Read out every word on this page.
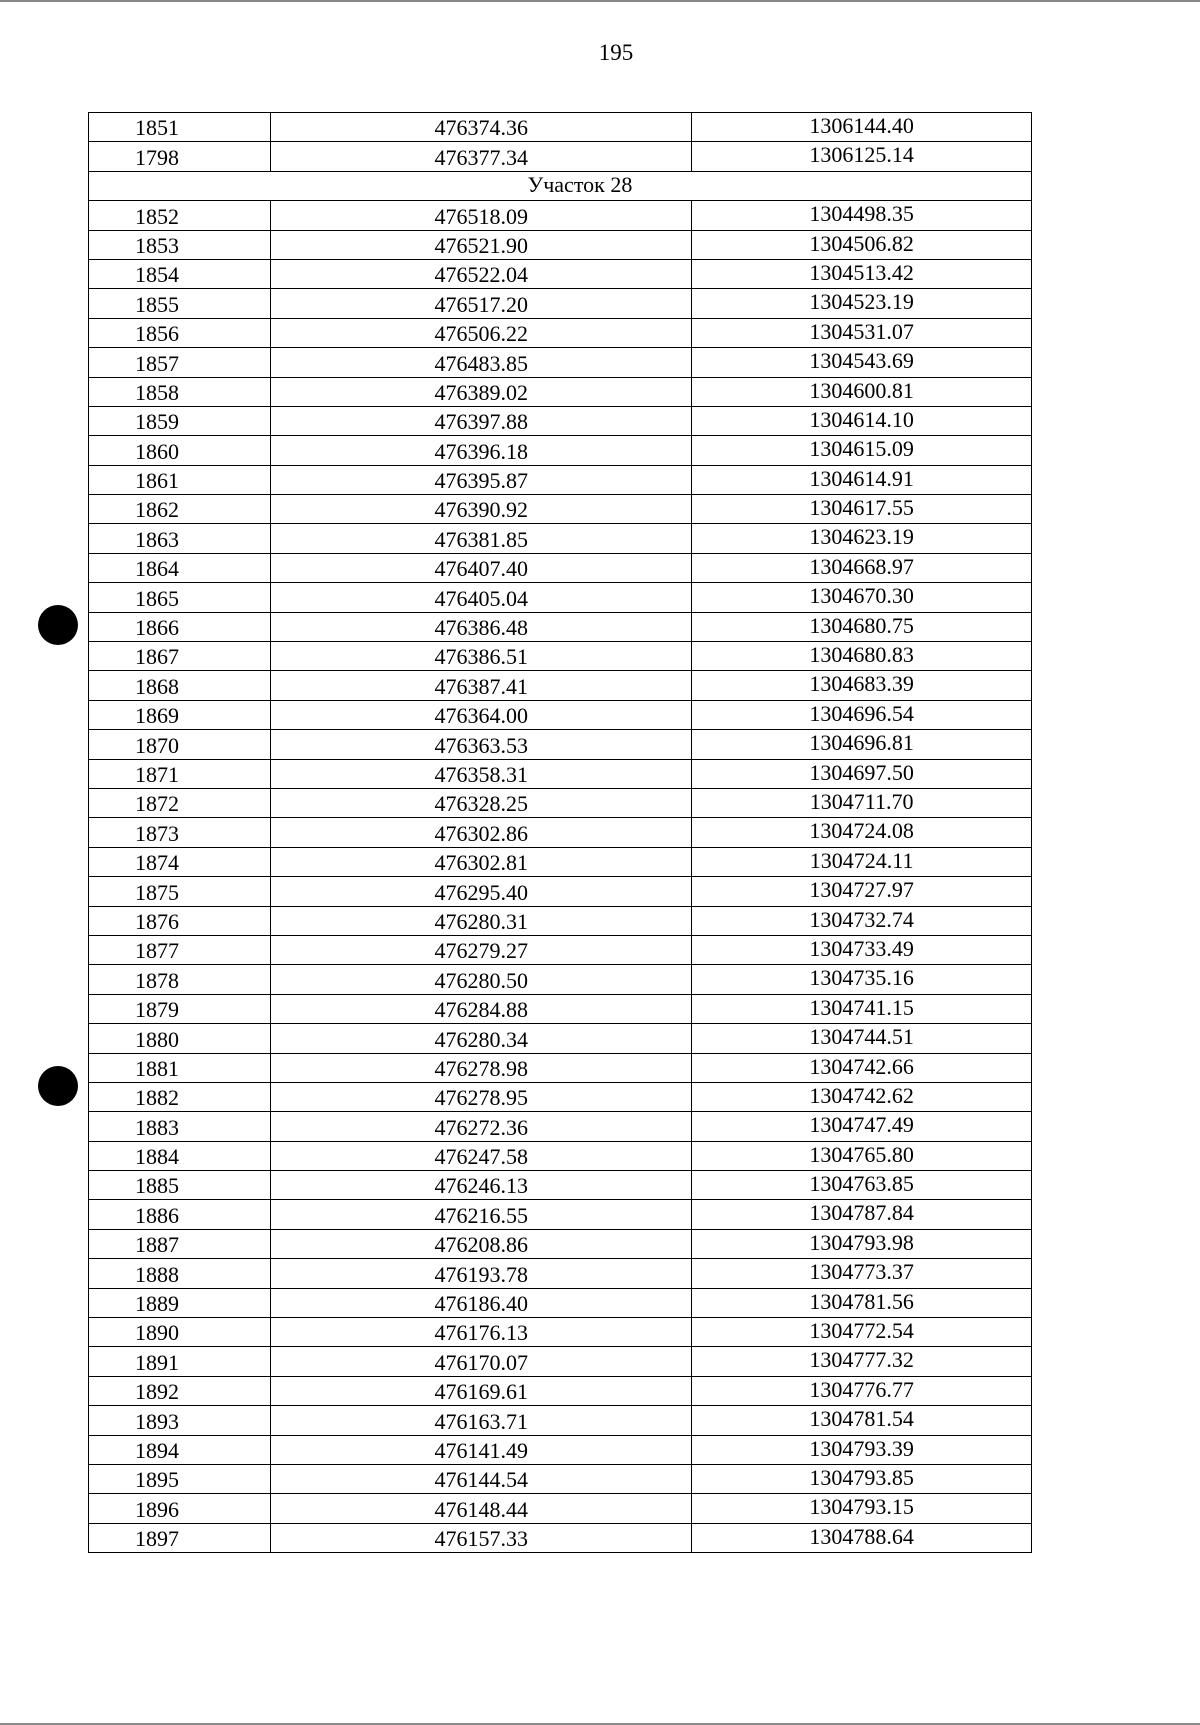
195
1851	476374.36	1306144.40
1798	476377.34	1306125.14
Участок 28		
1852	476518.09	1304498.35
1853	476521.90	1304506.82
1854	476522.04	1304513.42
1855	476517.20	1304523.19
1856	476506.22	1304531.07
1857	476483.85	1304543.69
1858	476389.02	1304600.81
1859	476397.88	1304614.10
1860	476396.18	1304615.09
1861	476395.87	1304614.91
1862	476390.92	1304617.55
1863	476381.85	1304623.19
1864	476407.40	1304668.97
1865	476405.04	1304670.30
1866	476386.48	1304680.75
1867	476386.51	1304680.83
1868	476387.41	1304683.39
1869	476364.00	1304696.54
1870	476363.53	1304696.81
1871	476358.31	1304697.50
1872	476328.25	1304711.70
1873	476302.86	1304724.08
1874	476302.81	1304724.11
1875	476295.40	1304727.97
1876	476280.31	1304732.74
1877	476279.27	1304733.49
1878	476280.50	1304735.16
1879	476284.88	1304741.15
1880	476280.34	1304744.51
1881	476278.98	1304742.66
1882	476278.95	1304742.62
1883	476272.36	1304747.49
1884	476247.58	1304765.80
1885	476246.13	1304763.85
1886	476216.55	1304787.84
1887	476208.86	1304793.98
1888	476193.78	1304773.37
1889	476186.40	1304781.56
1890	476176.13	1304772.54
1891	476170.07	1304777.32
1892	476169.61	1304776.77
1893	476163.71	1304781.54
1894	476141.49	1304793.39
1895	476144.54	1304793.85
1896	476148.44	1304793.15
1897	476157.33	1304788.64
